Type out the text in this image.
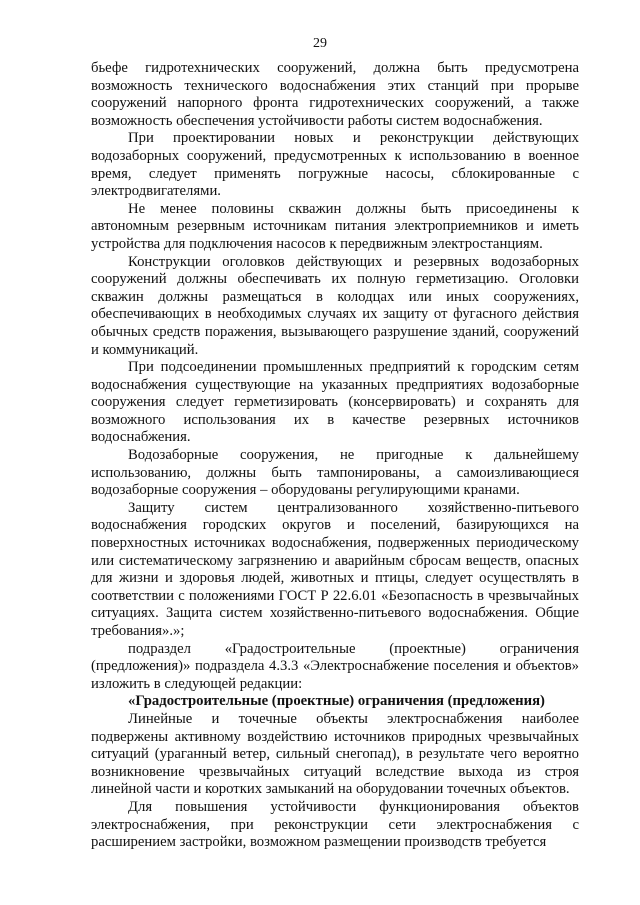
29

бьефе гидротехнических сооружений, должна быть предусмотрена возможность технического водоснабжения этих станций при прорыве сооружений напорного фронта гидротехнических сооружений, а также возможность обеспечения устойчивости работы систем водоснабжения.

При проектировании новых и реконструкции действующих водозаборных сооружений, предусмотренных к использованию в военное время, следует применять погружные насосы, сблокированные с электродвигателями.

Не менее половины скважин должны быть присоединены к автономным резервным источникам питания электроприемников и иметь устройства для подключения насосов к передвижным электростанциям.

Конструкции оголовков действующих и резервных водозаборных сооружений должны обеспечивать их полную герметизацию. Оголовки скважин должны размещаться в колодцах или иных сооружениях, обеспечивающих в необходимых случаях их защиту от фугасного действия обычных средств поражения, вызывающего разрушение зданий, сооружений и коммуникаций.

При подсоединении промышленных предприятий к городским сетям водоснабжения существующие на указанных предприятиях водозаборные сооружения следует герметизировать (консервировать) и сохранять для возможного использования их в качестве резервных источников водоснабжения.

Водозаборные сооружения, не пригодные к дальнейшему использованию, должны быть тампонированы, а самоизливающиеся водозаборные сооружения – оборудованы регулирующими кранами.

Защиту систем централизованного хозяйственно-питьевого водоснабжения городских округов и поселений, базирующихся на поверхностных источниках водоснабжения, подверженных периодическому или систематическому загрязнению и аварийным сбросам веществ, опасных для жизни и здоровья людей, животных и птицы, следует осуществлять в соответствии с положениями ГОСТ Р 22.6.01 «Безопасность в чрезвычайных ситуациях. Защита систем хозяйственно-питьевого водоснабжения. Общие требования».»;

подраздел «Градостроительные (проектные) ограничения (предложения)» подраздела 4.3.3 «Электроснабжение поселения и объектов» изложить в следующей редакции:

«Градостроительные (проектные) ограничения (предложения)

Линейные и точечные объекты электроснабжения наиболее подвержены активному воздействию источников природных чрезвычайных ситуаций (ураганный ветер, сильный снегопад), в результате чего вероятно возникновение чрезвычайных ситуаций вследствие выхода из строя линейной части и коротких замыканий на оборудовании точечных объектов.

Для повышения устойчивости функционирования объектов электроснабжения, при реконструкции сети электроснабжения с расширением застройки, возможном размещении производств требуется
